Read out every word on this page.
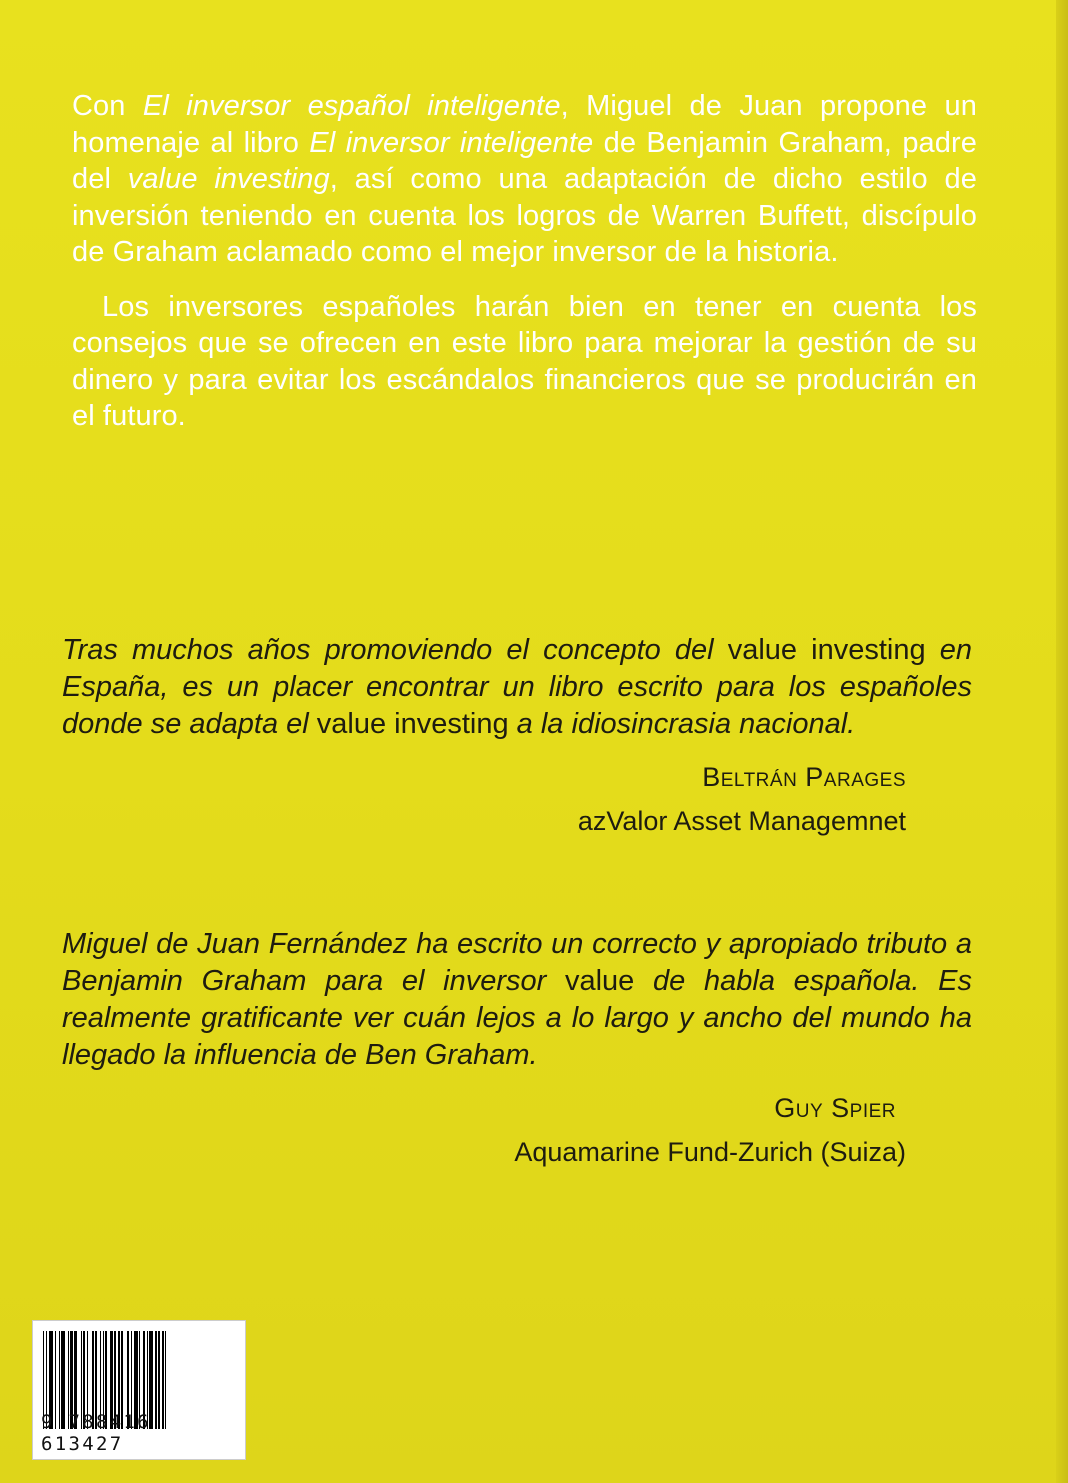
Con El inversor español inteligente, Miguel de Juan propone un homenaje al libro El inversor inteligente de Benjamin Graham, padre del value investing, así como una adaptación de dicho estilo de inversión teniendo en cuenta los logros de Warren Buffett, discípulo de Graham aclamado como el mejor inversor de la historia.

Los inversores españoles harán bien en tener en cuenta los consejos que se ofrecen en este libro para mejorar la gestión de su dinero y para evitar los escándalos financieros que se producirán en el futuro.

Tras muchos años promoviendo el concepto del value investing en España, es un placer encontrar un libro escrito para los españoles donde se adapta el value investing a la idiosincrasia nacional.

Beltrán Parages

azValor Asset Managemnet

Miguel de Juan Fernández ha escrito un correcto y apropiado tributo a Benjamin Graham para el inversor value de habla española. Es realmente gratificante ver cuán lejos a lo largo y ancho del mundo ha llegado la influencia de Ben Graham.

Guy Spier

Aquamarine Fund-Zurich (Suiza)

9 788416 613427
